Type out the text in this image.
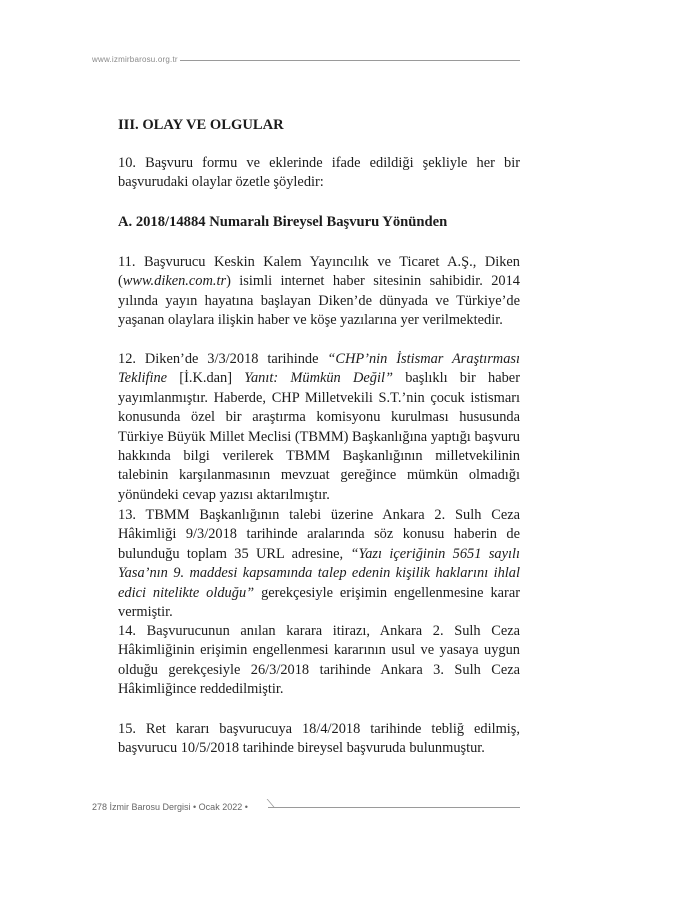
www.izmirbarosu.org.tr
III. OLAY VE OLGULAR
10. Başvuru formu ve eklerinde ifade edildiği şekliyle her bir başvurudaki olaylar özetle şöyledir:
A. 2018/14884 Numaralı Bireysel Başvuru Yönünden
11. Başvurucu Keskin Kalem Yayıncılık ve Ticaret A.Ş., Diken (www.diken.com.tr) isimli internet haber sitesinin sahibidir. 2014 yılında yayın hayatına başlayan Diken’de dünyada ve Türkiye’de yaşanan olaylara ilişkin haber ve köşe yazılarına yer verilmektedir.
12. Diken’de 3/3/2018 tarihinde “CHP’nin İstismar Araştırması Teklifine [İ.K.dan] Yanıt: Mümkün Değil” başlıklı bir haber yayımlanmıştır. Haberde, CHP Milletvekili S.T.’nin çocuk istismarı konusunda özel bir araştırma komisyonu kurulması hususunda Türkiye Büyük Millet Meclisi (TBMM) Başkanlığına yaptığı başvuru hakkında bilgi verilerek TBMM Başkanlığının milletvekilinin talebinin karşılanmasının mevzuat gereğince mümkün olmadığı yönündeki cevap yazısı aktarılmıştır.
13. TBMM Başkanlığının talebi üzerine Ankara 2. Sulh Ceza Hâkimliği 9/3/2018 tarihinde aralarında söz konusu haberin de bulunduğu toplam 35 URL adresine, “Yazı içeriğinin 5651 sayılı Yasa’nın 9. maddesi kapsamında talep edenin kişilik haklarını ihlal edici nitelikte olduğu” gerekçesiyle erişimin engellenmesine karar vermiştir.
14. Başvurucunun anılan karara itirazı, Ankara 2. Sulh Ceza Hâkimliğinin erişimin engellenmesi kararının usul ve yasaya uygun olduğu gerekçesiyle 26/3/2018 tarihinde Ankara 3. Sulh Ceza Hâkimliğince reddedilmiştir.
15. Ret kararı başvurucuya 18/4/2018 tarihinde tebliğ edilmiş, başvurucu 10/5/2018 tarihinde bireysel başvuruda bulunmuştur.
278 İzmir Barosu Dergisi • Ocak 2022 •
